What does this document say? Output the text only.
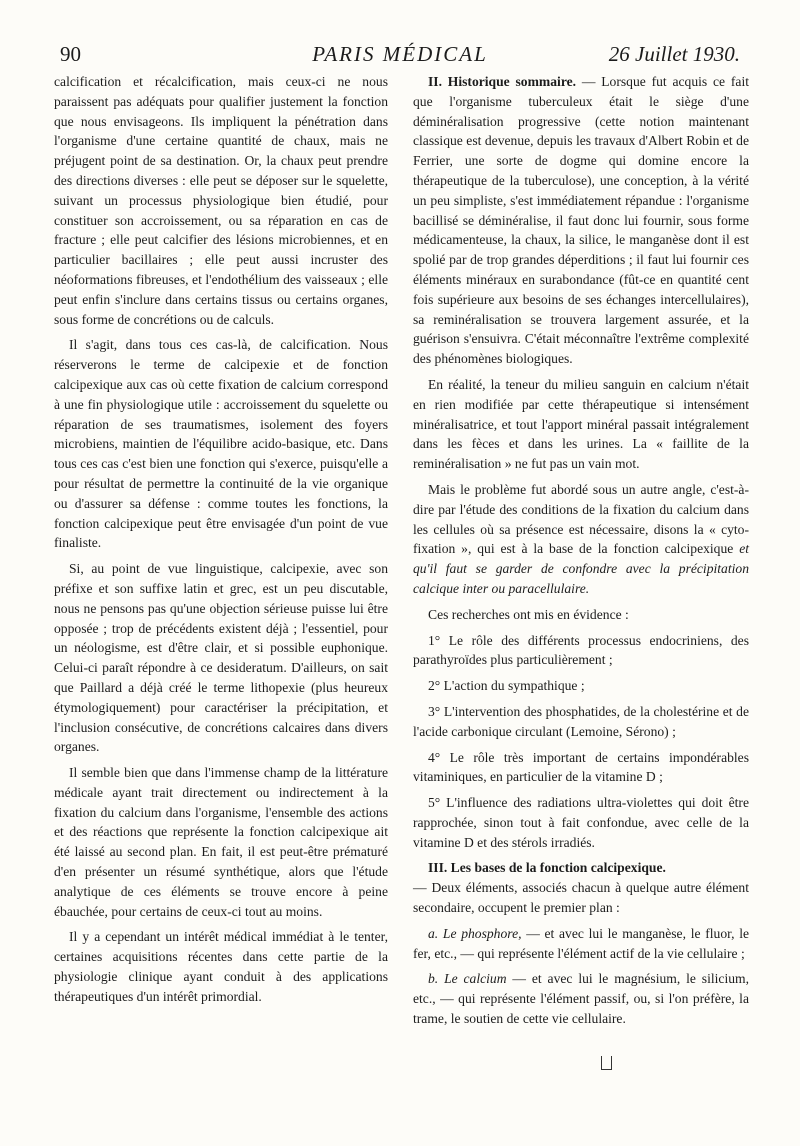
90	PARIS MÉDICAL	26 Juillet 1930.

calcification et récalcification, mais ceux-ci ne nous paraissent pas adéquats pour qualifier justement la fonction que nous envisageons. Ils impliquent la pénétration dans l'organisme d'une certaine quantité de chaux, mais ne préjugent point de sa destination. Or, la chaux peut prendre des directions diverses : elle peut se déposer sur le squelette, suivant un processus physiologique bien étudié, pour constituer son accroissement, ou sa réparation en cas de fracture ; elle peut calcifier des lésions microbiennes, et en particulier bacillaires ; elle peut aussi incruster des néoformations fibreuses, et l'endothélium des vaisseaux ; elle peut enfin s'inclure dans certains tissus ou certains organes, sous forme de concrétions ou de calculs.

Il s'agit, dans tous ces cas-là, de calcification. Nous réserverons le terme de calcipexie et de fonction calcipexique aux cas où cette fixation de calcium correspond à une fin physiologique utile : accroissement du squelette ou réparation de ses traumatismes, isolement des foyers microbiens, maintien de l'équilibre acido-basique, etc. Dans tous ces cas c'est bien une fonction qui s'exerce, puisqu'elle a pour résultat de permettre la continuité de la vie organique ou d'assurer sa défense : comme toutes les fonctions, la fonction calcipexique peut être envisagée d'un point de vue finaliste.

Si, au point de vue linguistique, calcipexie, avec son préfixe et son suffixe latin et grec, est un peu discutable, nous ne pensons pas qu'une objection sérieuse puisse lui être opposée ; trop de précédents existent déjà ; l'essentiel, pour un néologisme, est d'être clair, et si possible euphonique. Celui-ci paraît répondre à ce desideratum. D'ailleurs, on sait que Paillard a déjà créé le terme lithopexie (plus heureux étymologiquement) pour caractériser la précipitation, et l'inclusion consécutive, de concrétions calcaires dans divers organes.

Il semble bien que dans l'immense champ de la littérature médicale ayant trait directement ou indirectement à la fixation du calcium dans l'organisme, l'ensemble des actions et des réactions que représente la fonction calcipexique ait été laissé au second plan. En fait, il est peut-être prématuré d'en présenter un résumé synthétique, alors que l'étude analytique de ces éléments se trouve encore à peine ébauchée, pour certains de ceux-ci tout au moins.

Il y a cependant un intérêt médical immédiat à le tenter, certaines acquisitions récentes dans cette partie de la physiologie clinique ayant conduit à des applications thérapeutiques d'un intérêt primordial.

II. Historique sommaire. — Lorsque fut acquis ce fait que l'organisme tuberculeux était le siège d'une déminéralisation progressive (cette notion maintenant classique est devenue, depuis les travaux d'Albert Robin et de Ferrier, une sorte de dogme qui domine encore la thérapeutique de la tuberculose), une conception, à la vérité un peu simpliste, s'est immédiatement répandue : l'organisme bacillisé se déminéralise, il faut donc lui fournir, sous forme médicamenteuse, la chaux, la silice, le manganèse dont il est spolié par de trop grandes déperditions ; il faut lui fournir ces éléments minéraux en surabondance (fût-ce en quantité cent fois supérieure aux besoins de ses échanges intercellulaires), sa reminéralisation se trouvera largement assurée, et la guérison s'ensuivra. C'était méconnaître l'extrême complexité des phénomènes biologiques.

En réalité, la teneur du milieu sanguin en calcium n'était en rien modifiée par cette thérapeutique si intensément minéralisatrice, et tout l'apport minéral passait intégralement dans les fèces et dans les urines. La « faillite de la reminéralisation » ne fut pas un vain mot.

Mais le problème fut abordé sous un autre angle, c'est-à-dire par l'étude des conditions de la fixation du calcium dans les cellules où sa présence est nécessaire, disons la « cyto-fixation », qui est à la base de la fonction calcipexique et qu'il faut se garder de confondre avec la précipitation calcique inter ou paracellulaire.

Ces recherches ont mis en évidence :

1° Le rôle des différents processus endocriniens, des parathyroïdes plus particulièrement ;

2° L'action du sympathique ;

3° L'intervention des phosphatides, de la cholestérine et de l'acide carbonique circulant (Lemoine, Sérono) ;

4° Le rôle très important de certains impondérables vitaminiques, en particulier de la vitamine D ;

5° L'influence des radiations ultra-violettes qui doit être rapprochée, sinon tout à fait confondue, avec celle de la vitamine D et des stérols irradiés.

III. Les bases de la fonction calcipexique.
— Deux éléments, associés chacun à quelque autre élément secondaire, occupent le premier plan :

a. Le phosphore, — et avec lui le manganèse, le fluor, le fer, etc., — qui représente l'élément actif de la vie cellulaire ;

b. Le calcium — et avec lui le magnésium, le silicium, etc., — qui représente l'élément passif, ou, si l'on préfère, la trame, le soutien de cette vie cellulaire.
